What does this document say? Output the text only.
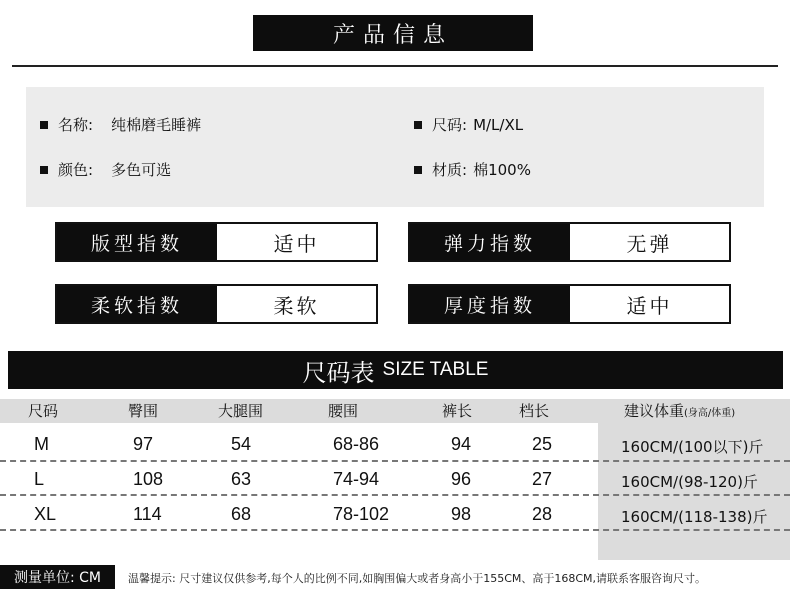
产品信息
名称: 纯棉磨毛睡裤	尺码: M/L/XL
颜色: 多色可选	材质: 棉100%
版型指数	适中	弹力指数	无弹
柔软指数	柔软	厚度指数	适中
尺码表 SIZE TABLE
尺码	臀围	大腿围	腰围	裤长	档长	建议体重(身高/体重)
M	97	54	68-86	94	25	160CM/(100以下)斤
L	108	63	74-94	96	27	160CM/(98-120)斤
XL	114	68	78-102	98	28	160CM/(118-138)斤
测量单位: CM	温馨提示: 尺寸建议仅供参考,每个人的比例不同,如胸围偏大或者身高小于155CM、高于168CM,请联系客服咨询尺寸。
